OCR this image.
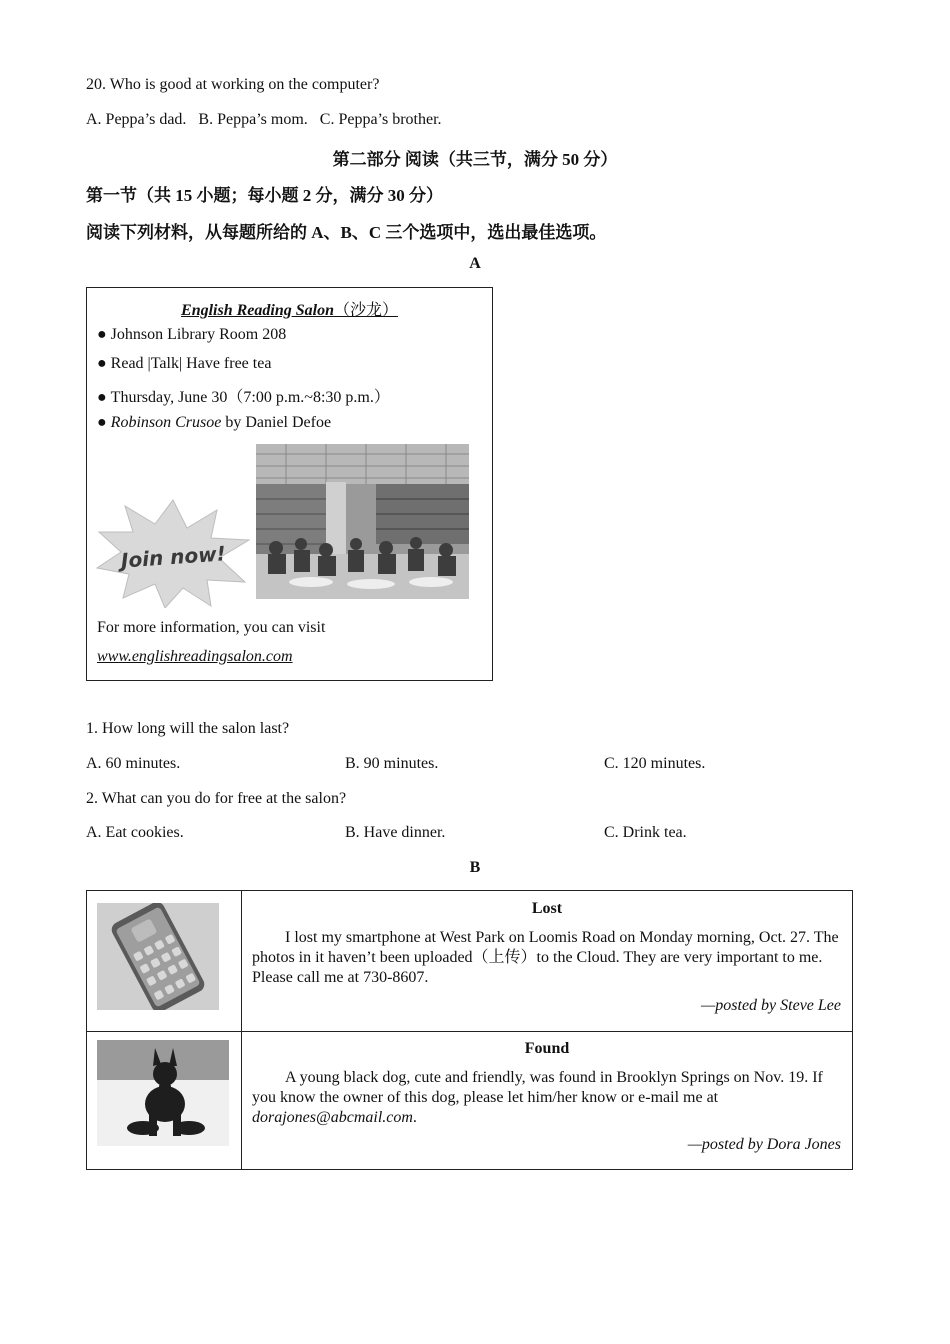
20. Who is good at working on the computer?
A. Peppa’s dad.   B. Peppa’s mom.   C. Peppa’s brother.
第二部分 阅读（共三节，满分 50 分）
第一节（共 15 小题；每小题 2 分，满分 30 分）
阅读下列材料，从每题所给的 A、B、C 三个选项中，选出最佳选项。
A
English Reading Salon（沙龙）
● Johnson Library Room 208
● Read |Talk| Have free tea
● Thursday, June 30（7:00 p.m.~8:30 p.m.）
● Robinson Crusoe by Daniel Defoe
Join now!
For more information, you can visit
www.englishreadingsalon.com
1. How long will the salon last?
A. 60 minutes.	B. 90 minutes.	C. 120 minutes.
2. What can you do for free at the salon?
A. Eat cookies.	B. Have dinner.	C. Drink tea.
B
Lost
I lost my smartphone at West Park on Loomis Road on Monday morning, Oct. 27. The photos in it haven’t been uploaded（上传）to the Cloud. They are very important to me. Please call me at 730-8607.
—posted by Steve Lee
Found
A young black dog, cute and friendly, was found in Brooklyn Springs on Nov. 19. If you know the owner of this dog, please let him/her know or e-mail me at dorajones@abcmail.com.
—posted by Dora Jones
